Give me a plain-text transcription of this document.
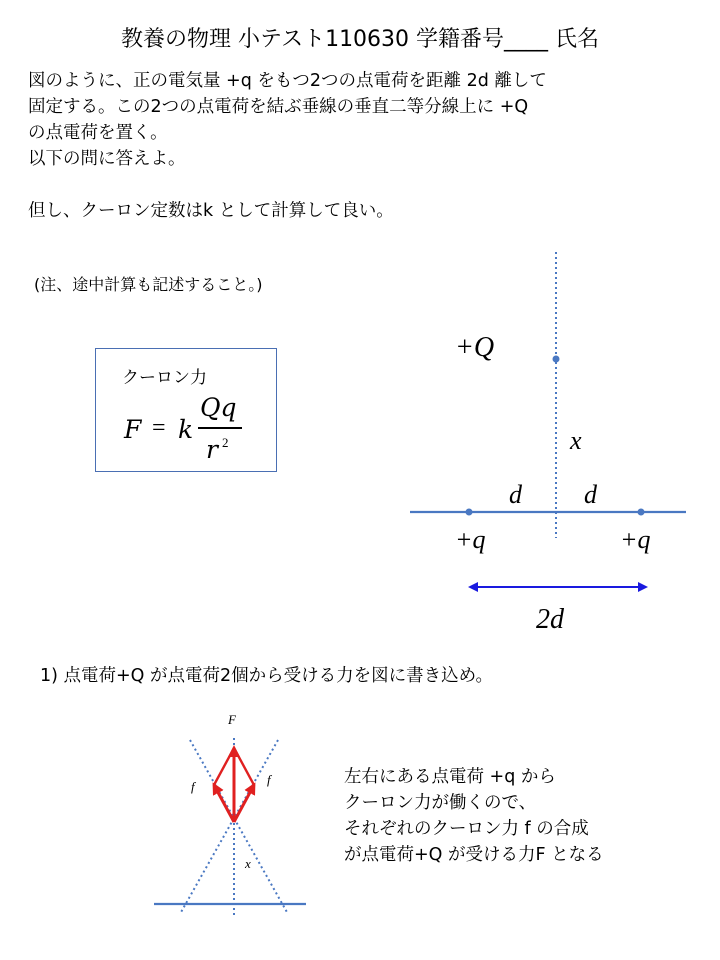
教養の物理 小テスト110630 学籍番号____ 氏名
図のように、正の電気量 +q をもつ2つの点電荷を距離 2d 離して
固定する。この2つの点電荷を結ぶ垂線の垂直二等分線上に +Q
の点電荷を置く。
以下の問に答えよ。
但し、クーロン定数はk として計算して良い。
(注、途中計算も記述すること。)
クーロン力
F = k
Qq
r 2
+Q
x
d d
+q	+q
2d
F
f	f
x
1) 点電荷+Q が点電荷2個から受ける力を図に書き込め。
左右にある点電荷 +q から
クーロン力が働くので、
それぞれのクーロン力 f の合成
が点電荷+Q が受ける力F となる
